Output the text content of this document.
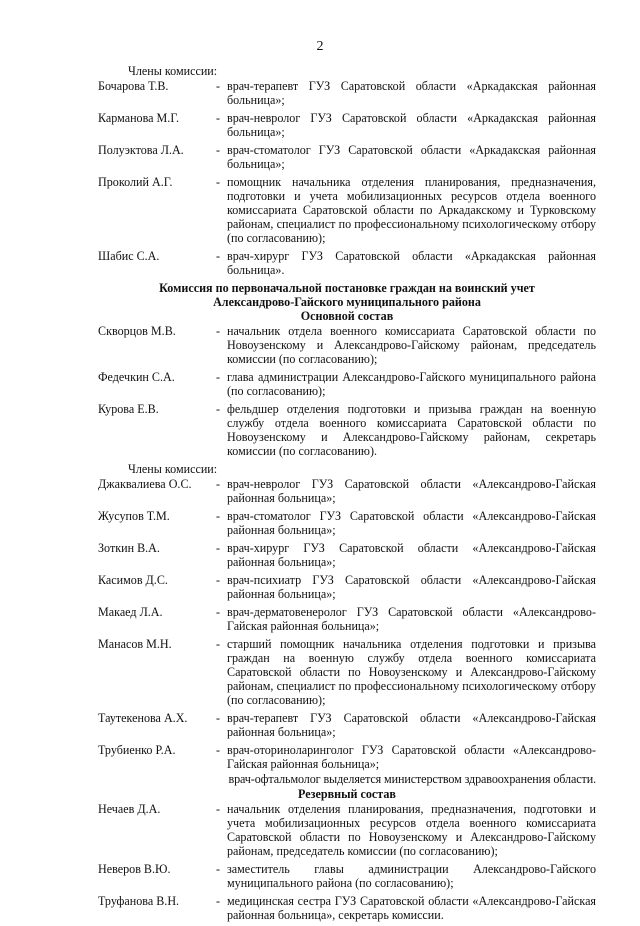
2
Члены комиссии:
Бочарова Т.В.	- врач-терапевт ГУЗ Саратовской области «Аркадакская районная больница»;
Карманова М.Г.	- врач-невролог ГУЗ Саратовской области «Аркадакская районная больница»;
Полуэктова Л.А.	- врач-стоматолог ГУЗ Саратовской области «Аркадакская районная больница»;
Проколий А.Г.	- помощник начальника отделения планирования, предназначения, подготовки и учета мобилизационных ресурсов отдела военного комиссариата Саратовской области по Аркадакскому и Турковскому районам, специалист по профессиональному психологическому отбору (по согласованию);
Шабис С.А.	- врач-хирург ГУЗ Саратовской области «Аркадакская районная больница».
Комиссия по первоначальной постановке граждан на воинский учет
Александрово-Гайского муниципального района
Основной состав
Скворцов М.В.	- начальник отдела военного комиссариата Саратовской области по Новоузенскому и Александрово-Гайскому районам, председатель комиссии (по согласованию);
Федечкин С.А.	- глава администрации Александрово-Гайского муниципального района (по согласованию);
Курова Е.В.	- фельдшер отделения подготовки и призыва граждан на военную службу отдела военного комиссариата Саратовской области по Новоузенскому и Александрово-Гайскому районам, секретарь комиссии (по согласованию).
Члены комиссии:
Джаквалиева О.С.	- врач-невролог ГУЗ Саратовской области «Александрово-Гайская районная больница»;
Жусупов Т.М.	- врач-стоматолог ГУЗ Саратовской области «Александрово-Гайская районная больница»;
Зоткин В.А.	- врач-хирург ГУЗ Саратовской области «Александрово-Гайская районная больница»;
Касимов Д.С.	- врач-психиатр ГУЗ Саратовской области «Александрово-Гайская районная больница»;
Макаед Л.А.	- врач-дерматовенеролог ГУЗ Саратовской области «Александрово-Гайская районная больница»;
Манасов М.Н.	- старший помощник начальника отделения подготовки и призыва граждан на военную службу отдела военного комиссариата Саратовской области по Новоузенскому и Александрово-Гайскому районам, специалист по профессиональному психологическому отбору (по согласованию);
Таутекенова А.Х.	- врач-терапевт ГУЗ Саратовской области «Александрово-Гайская районная больница»;
Трубиенко Р.А.	- врач-оториноларинголог ГУЗ Саратовской области «Александрово-Гайская районная больница»;
врач-офтальмолог выделяется министерством здравоохранения области.
Резервный состав
Нечаев Д.А.	- начальник отделения планирования, предназначения, подготовки и учета мобилизационных ресурсов отдела военного комиссариата Саратовской области по Новоузенскому и Александрово-Гайскому районам, председатель комиссии (по согласованию);
Неверов В.Ю.	- заместитель главы администрации Александрово-Гайского муниципального района (по согласованию);
Труфанова В.Н.	- медицинская сестра ГУЗ Саратовской области «Александрово-Гайская районная больница», секретарь комиссии.
